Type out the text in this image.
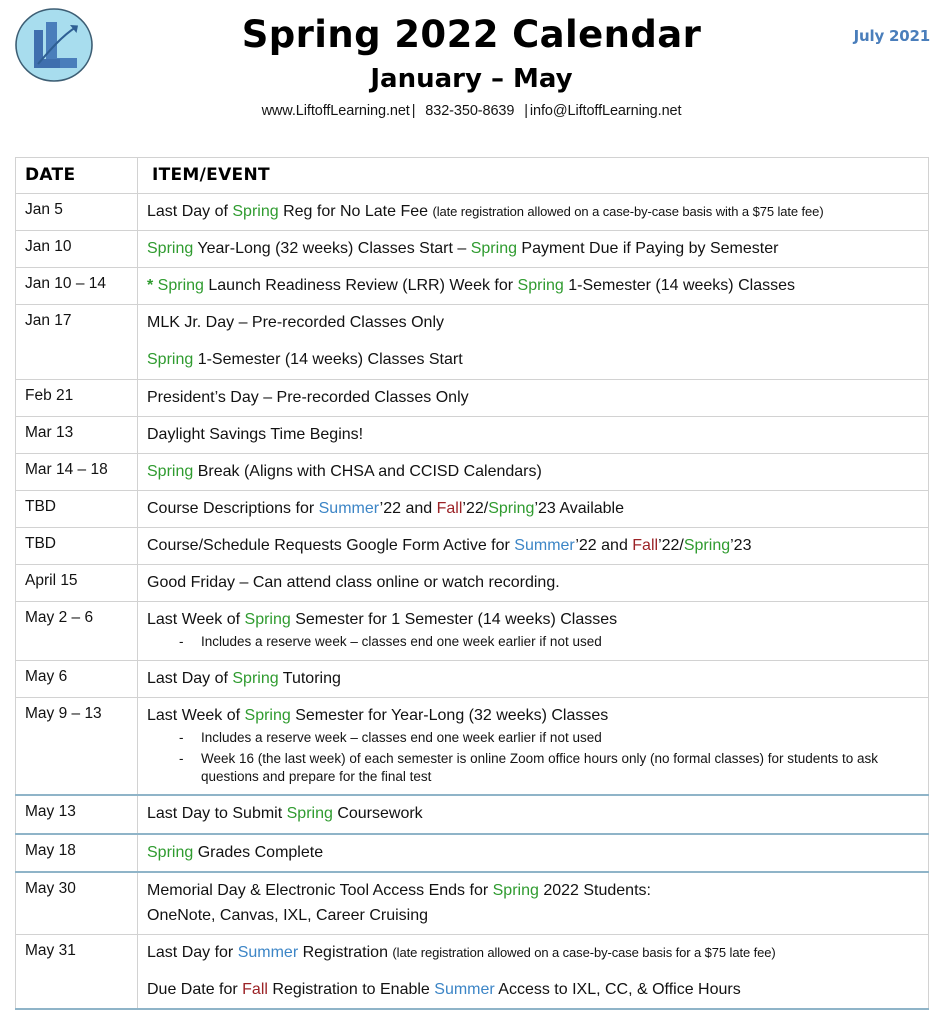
Spring 2022 Calendar
January – May
www.LiftoffLearning.net | 832-350-8639 | info@LiftoffLearning.net
July 2021
DATE	ITEM/EVENT
Jan 5	Last Day of Spring Reg for No Late Fee (late registration allowed on a case-by-case basis with a $75 late fee)

Jan 10	Spring Year-Long (32 weeks) Classes Start – Spring Payment Due if Paying by Semester

Jan 10 – 14	* Spring Launch Readiness Review (LRR) Week for Spring 1-Semester (14 weeks) Classes

Jan 17	MLK Jr. Day – Pre-recorded Classes Only
Spring 1-Semester (14 weeks) Classes Start

Feb 21	President’s Day – Pre-recorded Classes Only

Mar 13	Daylight Savings Time Begins!

Mar 14 – 18	Spring Break (Aligns with CHSA and CCISD Calendars)

TBD	Course Descriptions for Summer’22 and Fall’22/Spring’23 Available

TBD	Course/Schedule Requests Google Form Active for Summer’22 and Fall’22/Spring’23

April 15	Good Friday – Can attend class online or watch recording.

May 2 – 6	Last Week of Spring Semester for 1 Semester (14 weeks) Classes
- Includes a reserve week – classes end one week earlier if not used

May 6	Last Day of Spring Tutoring

May 9 – 13	Last Week of Spring Semester for Year-Long (32 weeks) Classes
- Includes a reserve week – classes end one week earlier if not used
- Week 16 (the last week) of each semester is online Zoom office hours only (no formal classes) for students to ask questions and prepare for the final test

May 13	Last Day to Submit Spring Coursework

May 18	Spring Grades Complete

May 30	Memorial Day & Electronic Tool Access Ends for Spring 2022 Students:
OneNote, Canvas, IXL, Career Cruising

May 31	Last Day for Summer Registration (late registration allowed on a case-by-case basis for a $75 late fee)
Due Date for Fall Registration to Enable Summer Access to IXL, CC, & Office Hours
